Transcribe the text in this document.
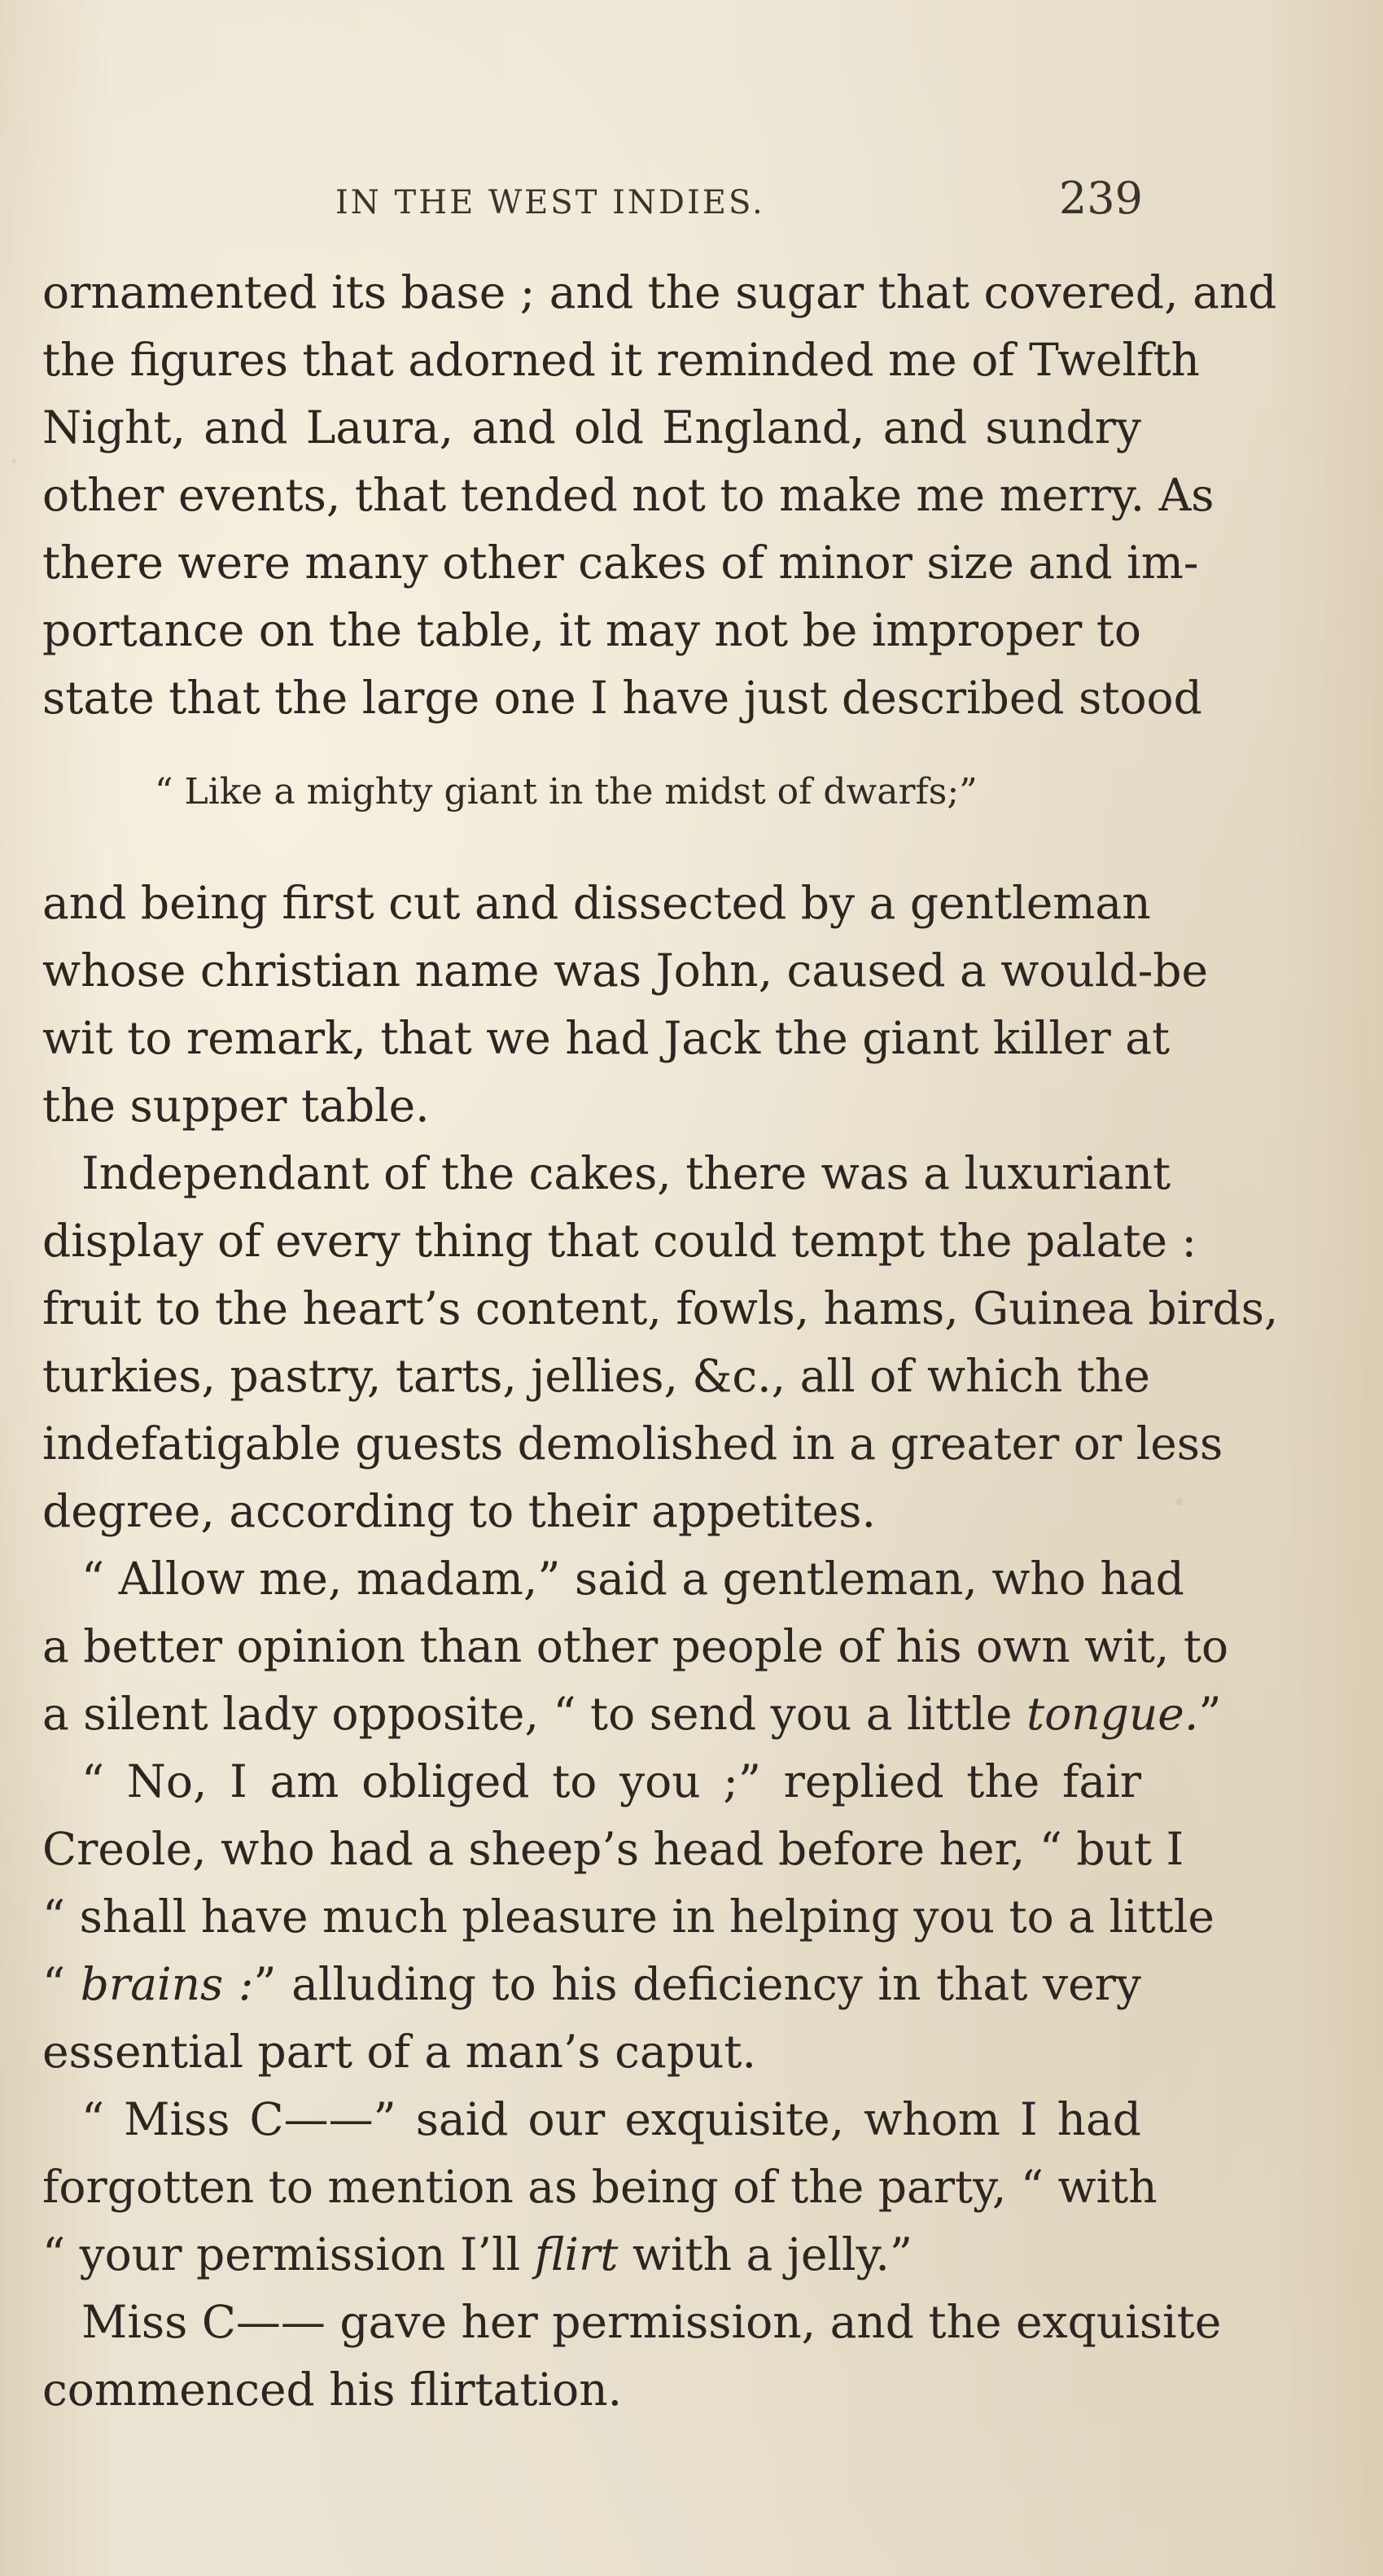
IN THE WEST INDIES.	239
ornamented its base ; and the sugar that covered, and
the figures that adorned it reminded me of Twelfth
Night, and Laura, and old England, and sundry
other events, that tended not to make me merry. As
there were many other cakes of minor size and im-
portance on the table, it may not be improper to
state that the large one I have just described stood
“ Like a mighty giant in the midst of dwarfs;”
and being first cut and dissected by a gentleman
whose christian name was John, caused a would-be
wit to remark, that we had Jack the giant killer at
the supper table.
Independant of the cakes, there was a luxuriant
display of every thing that could tempt the palate :
fruit to the heart’s content, fowls, hams, Guinea birds,
turkies, pastry, tarts, jellies, &c., all of which the
indefatigable guests demolished in a greater or less
degree, according to their appetites.
“ Allow me, madam,” said a gentleman, who had
a better opinion than other people of his own wit, to
a silent lady opposite, “ to send you a little tongue.”
“ No, I am obliged to you ;” replied the fair
Creole, who had a sheep’s head before her, “ but I
“ shall have much pleasure in helping you to a little
“ brains :” alluding to his deficiency in that very
essential part of a man’s caput.
“ Miss C——” said our exquisite, whom I had
forgotten to mention as being of the party, “ with
“ your permission I’ll flirt with a jelly.”
Miss C—— gave her permission, and the exquisite
commenced his flirtation.
